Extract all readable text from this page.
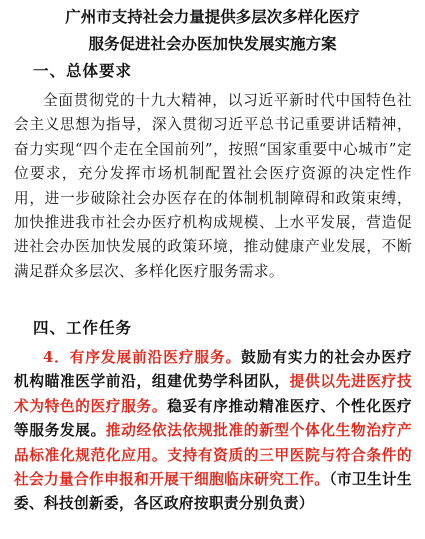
广州市支持社会力量提供多层次多样化医疗
服务促进社会办医加快发展实施方案
一、总体要求

全面贯彻党的十九大精神，以习近平新时代中国特色社会主义思想为指导，深入贯彻习近平总书记重要讲话精神，奋力实现“四个走在全国前列”，按照“国家重要中心城市”定位要求，充分发挥市场机制配置社会医疗资源的决定性作用，进一步破除社会办医存在的体制机制障碍和政策束缚，加快推进我市社会办医疗机构成规模、上水平发展，营造促进社会办医加快发展的政策环境，推动健康产业发展，不断满足群众多层次、多样化医疗服务需求。

四、工作任务

4．有序发展前沿医疗服务。鼓励有实力的社会办医疗机构瞄准医学前沿，组建优势学科团队，提供以先进医疗技术为特色的医疗服务。稳妥有序推动精准医疗、个性化医疗等服务发展。推动经依法依规批准的新型个体化生物治疗产品标准化规范化应用。支持有资质的三甲医院与符合条件的社会力量合作申报和开展干细胞临床研究工作。（市卫生计生委、科技创新委，各区政府按职责分别负责）
